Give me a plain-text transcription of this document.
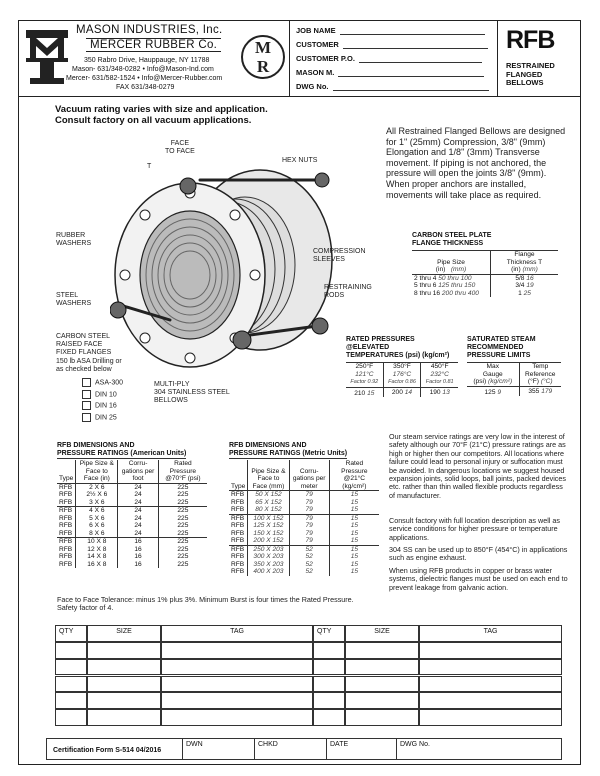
MASON INDUSTRIES, Inc.
MERCER RUBBER Co.
350 Rabro Drive, Hauppauge, NY 11788
Mason- 631/348-0282 • Info@Mason-Ind.com
Mercer- 631/582-1524 • Info@Mercer-Rubber.com
FAX 631/348-0279
M
R
JOB NAME
CUSTOMER
CUSTOMER P.O.
MASON M.
DWG No.
RFB
RESTRAINED
FLANGED
BELLOWS
Vacuum rating varies with size and application.
Consult factory on all vacuum applications.
All Restrained Flanged Bellows are designed for 1" (25mm) Compression, 3/8" (9mm) Elongation and 1/8" (3mm) Transverse movement. If piping is not anchored, the pressure will open the joints 3/8" (9mm). When proper anchors are installed, movements will take place as required.
FACE
TO FACE
T
HEX NUTS
RUBBER
WASHERS
COMPRESSION
SLEEVES
RESTRAINING
RODS
STEEL
WASHERS
CARBON STEEL
RAISED FACE
FIXED FLANGES
150 lb ASA Drilling or
as checked below
MULTI-PLY
304 STAINLESS STEEL
BELLOWS
ASA-300
DIN 10
DIN 16
DIN 25
CARBON STEEL PLATE
FLANGE THICKNESS
Pipe Size
(in)   (mm)	Flange
Thickness T
(in) (mm)
2 thru 4 50 thru 100	5/8 16
5 thru 6 125 thru 150	3/4 19
8 thru 16 200 thru 400	1 25
RATED PRESSURES
@ELEVATED
TEMPERATURES (psi) (kg/cm²)
250°F
121°C
Factor 0.92	350°F
176°C
Factor 0.86	450°F
232°C
Factor 0.81
210 15	200 14	190 13
SATURATED STEAM
RECOMMENDED
PRESSURE LIMITS
Max
Gauge
(psi) (kg/cm²)	Temp
Reference
(°F) (°C)
125 9	355 179
RFB DIMENSIONS AND
PRESSURE RATINGS (American Units)
Type	Pipe Size & Face to Face (in)	Corru- gations per foot	Rated Pressure @70°F (psi)
RFB	2 X 6	24	225
RFB	2½ X 6	24	225
RFB	3 X 6	24	225
RFB	4 X 6	24	225
RFB	5 X 6	24	225
RFB	6 X 6	24	225
RFB	8 X 6	24	225
RFB	10 X 8	16	225
RFB	12 X 8	16	225
RFB	14 X 8	16	225
RFB	16 X 8	16	225
RFB DIMENSIONS AND
PRESSURE RATINGS (Metric Units)
Type	Pipe Size & Face to Face (mm)	Corru- gations per meter	Rated Pressure @21°C (kg/cm²)
RFB	50 X 152	79	15
RFB	65 X 152	79	15
RFB	80 X 152	79	15
RFB	100 X 152	79	15
RFB	125 X 152	79	15
RFB	150 X 152	79	15
RFB	200 X 152	79	15
RFB	250 X 203	52	15
RFB	300 X 203	52	15
RFB	350 X 203	52	15
RFB	400 X 203	52	15
Our steam service ratings are very low in the interest of safety although our 70°F (21°C) pressure ratings are as high or higher then our competitors. All locations where failure could lead to personal injury or suffocation must be avoided. In dangerous locations we suggest housed expansion joints, solid loops, ball joints, packed devices etc. rather than thin walled flexible products regardless of manufacturer.
Consult factory with full location description as well as service conditions for higher pressure or temperature applications.
304 SS can be used up to 850°F (454°C) in applications such as engine exhaust.
When using RFB products in copper or brass water systems, dielectric flanges must be used on each end to prevent leakage from galvanic action.
Face to Face Tolerance: minus 1% plus 3%. Minimum Burst is four times the Rated Pressure.
Safety factor of 4.
QTY	SIZE	TAG	QTY	SIZE	TAG
Certification Form S-514 04/2016
DWN	CHKD	DATE	DWG No.
